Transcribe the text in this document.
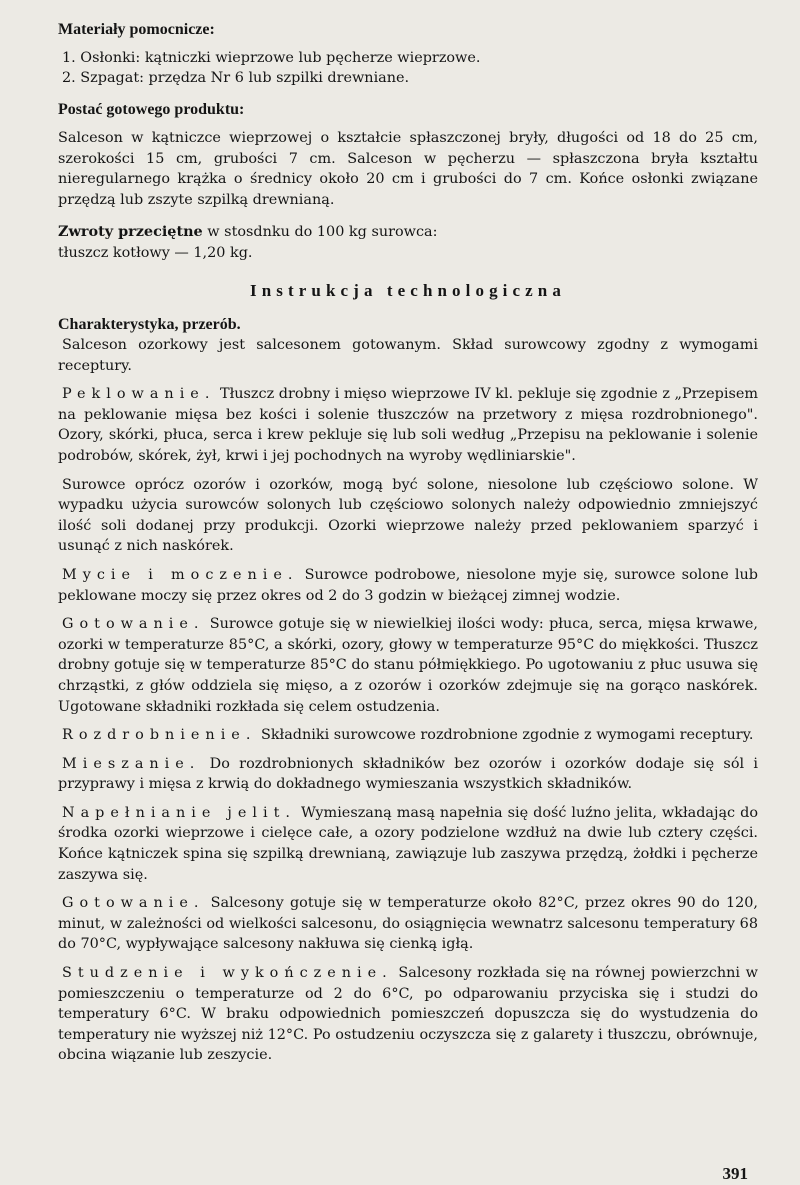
Materiały pomocnicze:
1. Osłonki: kątniczki wieprzowe lub pęcherze wieprzowe.
2. Szpagat: przędza Nr 6 lub szpilki drewniane.
Postać gotowego produktu:

Salceson w kątniczce wieprzowej o kształcie spłaszczonej bryły, długości od 18 do 25 cm, szerokości 15 cm, grubości 7 cm. Salceson w pęcherzu — spłaszczona bryła kształtu nieregularnego krążka o średnicy około 20 cm i grubości do 7 cm. Końce osłonki związane przędzą lub zszyte szpilką drewnianą.

Zwroty przeciętne w stosdnku do 100 kg surowca:

tłuszcz kotłowy — 1,20 kg.

Instrukcja technologiczna
Charakterystyka, przerób.

Salceson ozorkowy jest salcesonem gotowanym. Skład surowcowy zgodny z wymogami receptury.

Peklowanie. Tłuszcz drobny i mięso wieprzowe IV kl. pekluje się zgodnie z „Przepisem na peklowanie mięsa bez kości i solenie tłuszczów na przetwory z mięsa rozdrobnionego". Ozory, skórki, płuca, serca i krew pekluje się lub soli według „Przepisu na peklowanie i solenie podrobów, skórek, żył, krwi i jej pochodnych na wyroby wędliniarskie".

Surowce oprócz ozorów i ozorków, mogą być solone, niesolone lub częściowo solone. W wypadku użycia surowców solonych lub częściowo solonych należy odpowiednio zmniejszyć ilość soli dodanej przy produkcji. Ozorki wieprzowe należy przed peklowaniem sparzyć i usunąć z nich naskórek.

Mycie i moczenie. Surowce podrobowe, niesolone myje się, surowce solone lub peklowane moczy się przez okres od 2 do 3 godzin w bieżącej zimnej wodzie.

Gotowanie. Surowce gotuje się w niewielkiej ilości wody: płuca, serca, mięsa krwawe, ozorki w temperaturze 85°C, a skórki, ozory, głowy w temperaturze 95°C do miękkości. Tłuszcz drobny gotuje się w temperaturze 85°C do stanu półmiękkiego. Po ugotowaniu z płuc usuwa się chrząstki, z głów oddziela się mięso, a z ozorów i ozorków zdejmuje się na gorąco naskórek. Ugotowane składniki rozkłada się celem ostudzenia.

Rozdrobnienie. Składniki surowcowe rozdrobnione zgodnie z wymogami receptury.

Mieszanie. Do rozdrobnionych składników bez ozorów i ozorków dodaje się sól i przyprawy i mięsa z krwią do dokładnego wymieszania wszystkich składników.

Napełnianie jelit. Wymieszaną masą napełnia się dość luźno jelita, wkładając do środka ozorki wieprzowe i cielęce całe, a ozory podzielone wzdłuż na dwie lub cztery części. Końce kątniczek spina się szpilką drewnianą, zawiązuje lub zaszywa przędzą, żołdki i pęcherze zaszywa się.

Gotowanie. Salcesony gotuje się w temperaturze około 82°C, przez okres 90 do 120, minut, w zależności od wielkości salcesonu, do osiągnięcia wewnatrz salcesonu temperatury 68 do 70°C, wypływające salcesony nakłuwa się cienką igłą.

Studzenie i wykończenie. Salcesony rozkłada się na równej powierzchni w pomieszczeniu o temperaturze od 2 do 6°C, po odparowaniu przyciska się i studzi do temperatury 6°C. W braku odpowiednich pomieszczeń dopuszcza się do wystudzenia do temperatury nie wyższej niż 12°C. Po ostudzeniu oczyszcza się z galarety i tłuszczu, obrównuje, obcina wiązanie lub zeszycie.

391
